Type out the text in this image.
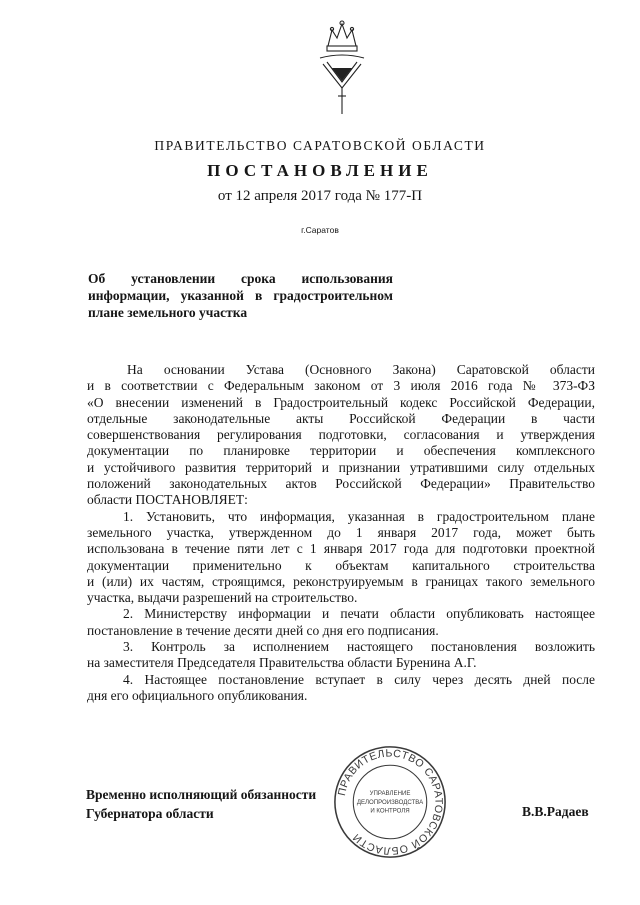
ПРАВИТЕЛЬСТВО САРАТОВСКОЙ ОБЛАСТИ
ПОСТАНОВЛЕНИЕ
от 12 апреля 2017 года № 177-П
г.Саратов
Об установлении срока использования
информации, указанной в градостроительном
плане земельного участка
На основании Устава (Основного Закона) Саратовской области
и в соответствии с Федеральным законом от 3 июля 2016 года № 373-ФЗ
«О внесении изменений в Градостроительный кодекс Российской Федерации,
отдельные законодательные акты Российской Федерации в части
совершенствования регулирования подготовки, согласования и утверждения
документации по планировке территории и обеспечения комплексного
и устойчивого развития территорий и признании утратившими силу отдельных
положений законодательных актов Российской Федерации» Правительство
области ПОСТАНОВЛЯЕТ:
1. Установить, что информация, указанная в градостроительном плане
земельного участка, утвержденном до 1 января 2017 года, может быть
использована в течение пяти лет с 1 января 2017 года для подготовки проектной
документации применительно к объектам капитального строительства
и (или) их частям, строящимся, реконструируемым в границах такого земельного
участка, выдачи разрешений на строительство.
2. Министерству информации и печати области опубликовать настоящее
постановление в течение десяти дней со дня его подписания.
3. Контроль за исполнением настоящего постановления возложить
на заместителя Председателя Правительства области Буренина А.Г.
4. Настоящее постановление вступает в силу через десять дней после
дня его официального опубликования.
Временно исполняющий обязанности
Губернатора области	В.В.Радаев
ПРАВИТЕЛЬСТВО САРАТОВСКОЙ ОБЛАСТИ
УПРАВЛЕНИЕ
ДЕЛОПРОИЗВОДСТВА
И КОНТРОЛЯ
